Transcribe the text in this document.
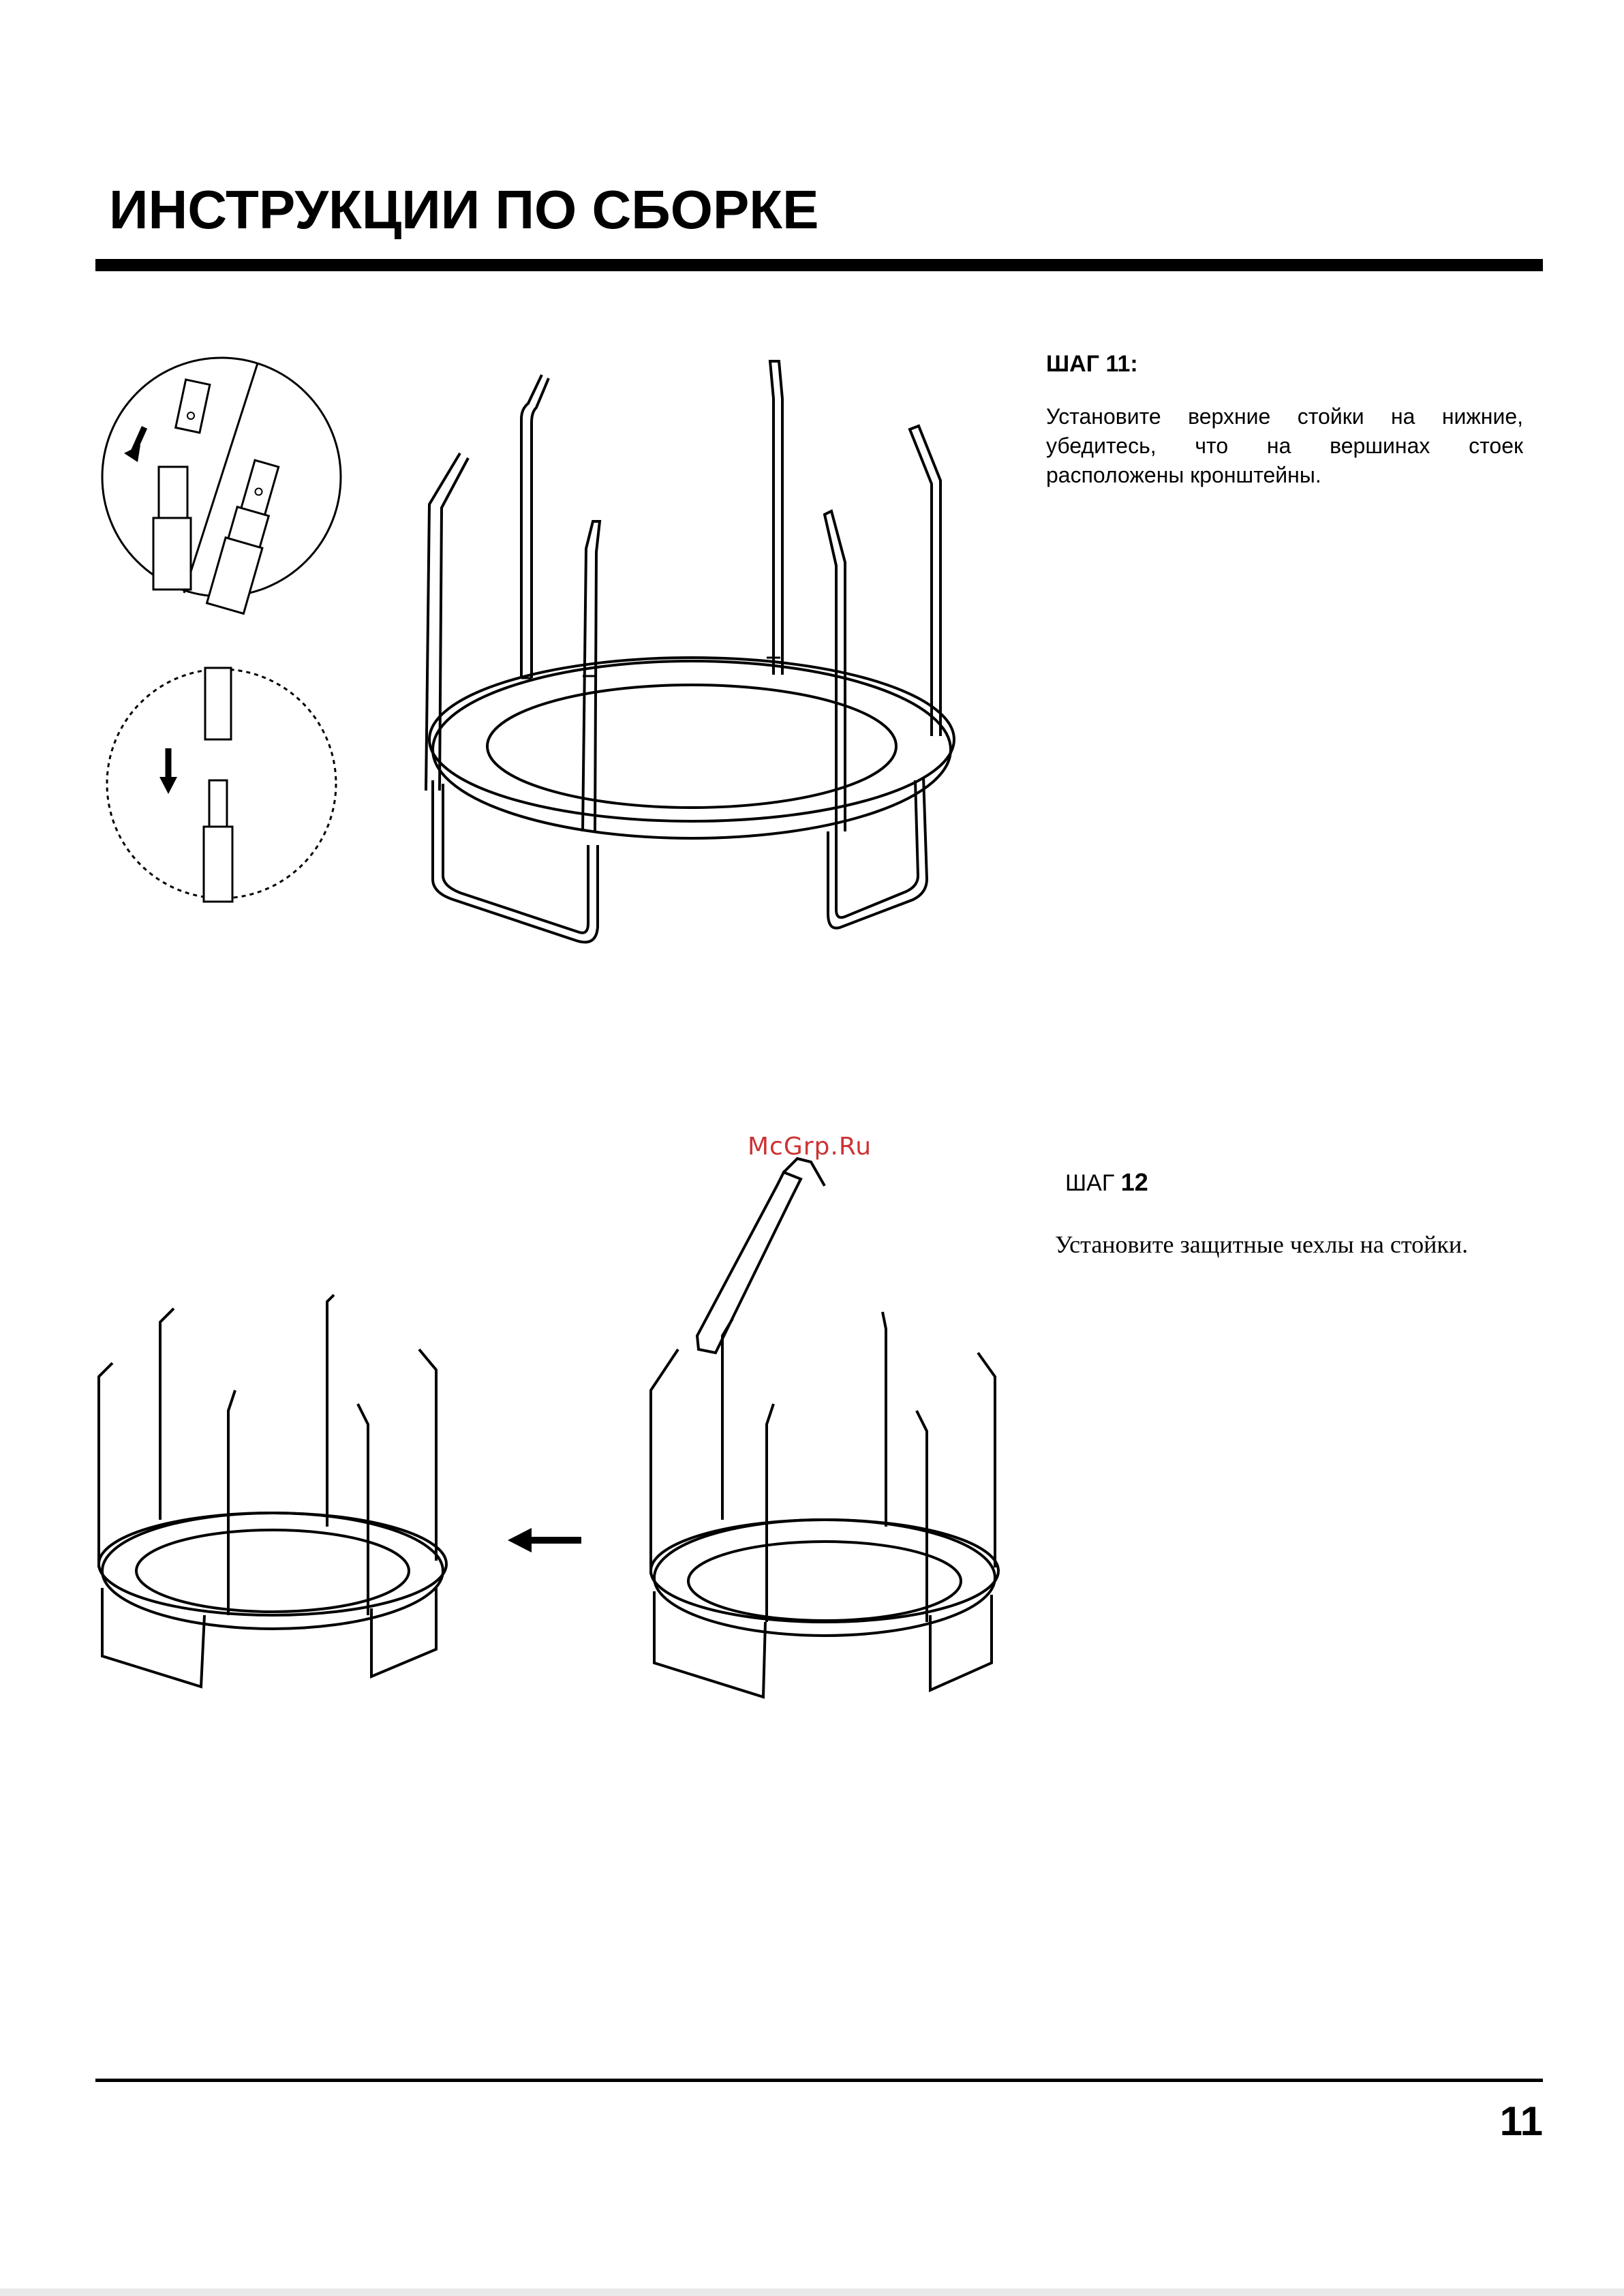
ИНСТРУКЦИИ ПО СБОРКЕ
ШАГ 11:
Установите верхние стойки на нижние, убедитесь, что на вершинах стоек расположены кронштейны.
McGrp.Ru
ШАГ 12
Установите защитные чехлы на стойки.
11
